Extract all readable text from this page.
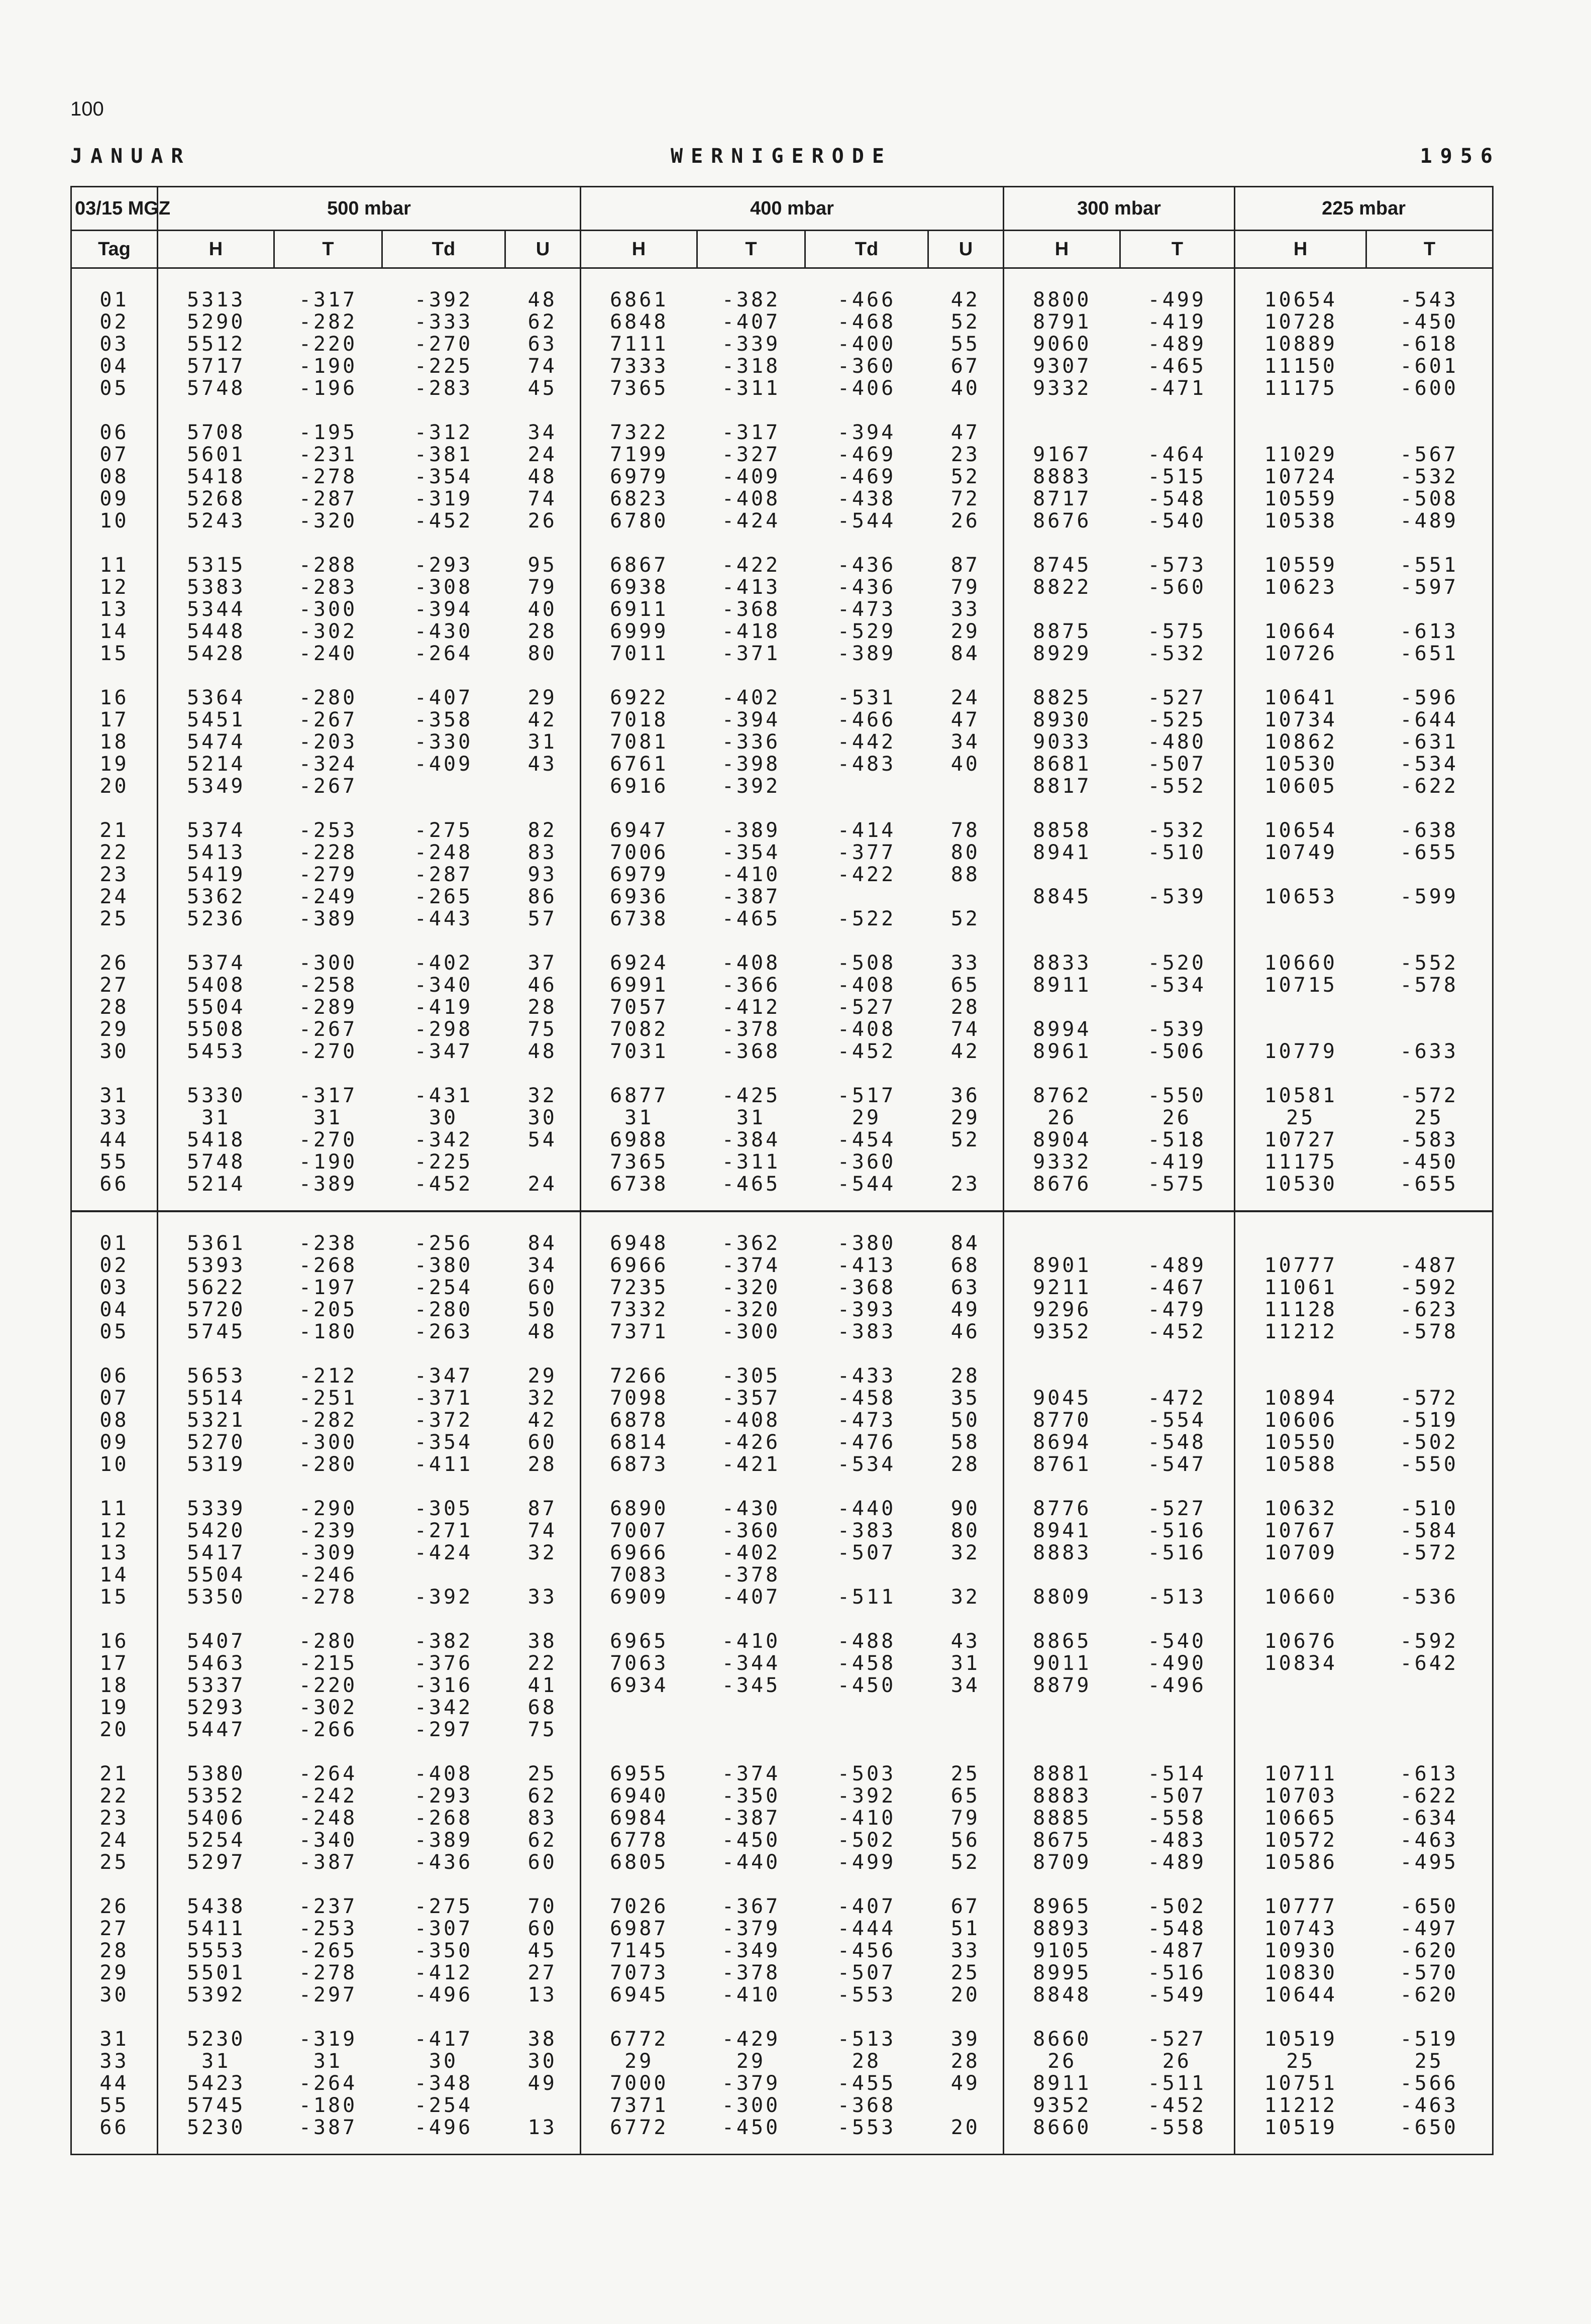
100
JANUAR	WERNIGERODE	1956
03/15 MGZ	500 mbar				400 mbar				300 mbar		225 mbar	
Tag	H	T	Td	U	H	T	Td	U	H	T	H	T

01	5313	-317	-392	48	6861	-382	-466	42	8800	-499	10654	-543
02	5290	-282	-333	62	6848	-407	-468	52	8791	-419	10728	-450
03	5512	-220	-270	63	7111	-339	-400	55	9060	-489	10889	-618
04	5717	-190	-225	74	7333	-318	-360	67	9307	-465	11150	-601
05	5748	-196	-283	45	7365	-311	-406	40	9332	-471	11175	-600

06	5708	-195	-312	34	7322	-317	-394	47				
07	5601	-231	-381	24	7199	-327	-469	23	9167	-464	11029	-567
08	5418	-278	-354	48	6979	-409	-469	52	8883	-515	10724	-532
09	5268	-287	-319	74	6823	-408	-438	72	8717	-548	10559	-508
10	5243	-320	-452	26	6780	-424	-544	26	8676	-540	10538	-489

11	5315	-288	-293	95	6867	-422	-436	87	8745	-573	10559	-551
12	5383	-283	-308	79	6938	-413	-436	79	8822	-560	10623	-597
13	5344	-300	-394	40	6911	-368	-473	33				
14	5448	-302	-430	28	6999	-418	-529	29	8875	-575	10664	-613
15	5428	-240	-264	80	7011	-371	-389	84	8929	-532	10726	-651

16	5364	-280	-407	29	6922	-402	-531	24	8825	-527	10641	-596
17	5451	-267	-358	42	7018	-394	-466	47	8930	-525	10734	-644
18	5474	-203	-330	31	7081	-336	-442	34	9033	-480	10862	-631
19	5214	-324	-409	43	6761	-398	-483	40	8681	-507	10530	-534
20	5349	-267			6916	-392			8817	-552	10605	-622

21	5374	-253	-275	82	6947	-389	-414	78	8858	-532	10654	-638
22	5413	-228	-248	83	7006	-354	-377	80	8941	-510	10749	-655
23	5419	-279	-287	93	6979	-410	-422	88				
24	5362	-249	-265	86	6936	-387			8845	-539	10653	-599
25	5236	-389	-443	57	6738	-465	-522	52				

26	5374	-300	-402	37	6924	-408	-508	33	8833	-520	10660	-552
27	5408	-258	-340	46	6991	-366	-408	65	8911	-534	10715	-578
28	5504	-289	-419	28	7057	-412	-527	28				
29	5508	-267	-298	75	7082	-378	-408	74	8994	-539		
30	5453	-270	-347	48	7031	-368	-452	42	8961	-506	10779	-633

31	5330	-317	-431	32	6877	-425	-517	36	8762	-550	10581	-572
33	31	31	30	30	31	31	29	29	26	26	25	25
44	5418	-270	-342	54	6988	-384	-454	52	8904	-518	10727	-583
55	5748	-190	-225		7365	-311	-360		9332	-419	11175	-450
66	5214	-389	-452	24	6738	-465	-544	23	8676	-575	10530	-655

01	5361	-238	-256	84	6948	-362	-380	84				
02	5393	-268	-380	34	6966	-374	-413	68	8901	-489	10777	-487
03	5622	-197	-254	60	7235	-320	-368	63	9211	-467	11061	-592
04	5720	-205	-280	50	7332	-320	-393	49	9296	-479	11128	-623
05	5745	-180	-263	48	7371	-300	-383	46	9352	-452	11212	-578

06	5653	-212	-347	29	7266	-305	-433	28				
07	5514	-251	-371	32	7098	-357	-458	35	9045	-472	10894	-572
08	5321	-282	-372	42	6878	-408	-473	50	8770	-554	10606	-519
09	5270	-300	-354	60	6814	-426	-476	58	8694	-548	10550	-502
10	5319	-280	-411	28	6873	-421	-534	28	8761	-547	10588	-550

11	5339	-290	-305	87	6890	-430	-440	90	8776	-527	10632	-510
12	5420	-239	-271	74	7007	-360	-383	80	8941	-516	10767	-584
13	5417	-309	-424	32	6966	-402	-507	32	8883	-516	10709	-572
14	5504	-246			7083	-378						
15	5350	-278	-392	33	6909	-407	-511	32	8809	-513	10660	-536

16	5407	-280	-382	38	6965	-410	-488	43	8865	-540	10676	-592
17	5463	-215	-376	22	7063	-344	-458	31	9011	-490	10834	-642
18	5337	-220	-316	41	6934	-345	-450	34	8879	-496		
19	5293	-302	-342	68								
20	5447	-266	-297	75								

21	5380	-264	-408	25	6955	-374	-503	25	8881	-514	10711	-613
22	5352	-242	-293	62	6940	-350	-392	65	8883	-507	10703	-622
23	5406	-248	-268	83	6984	-387	-410	79	8885	-558	10665	-634
24	5254	-340	-389	62	6778	-450	-502	56	8675	-483	10572	-463
25	5297	-387	-436	60	6805	-440	-499	52	8709	-489	10586	-495

26	5438	-237	-275	70	7026	-367	-407	67	8965	-502	10777	-650
27	5411	-253	-307	60	6987	-379	-444	51	8893	-548	10743	-497
28	5553	-265	-350	45	7145	-349	-456	33	9105	-487	10930	-620
29	5501	-278	-412	27	7073	-378	-507	25	8995	-516	10830	-570
30	5392	-297	-496	13	6945	-410	-553	20	8848	-549	10644	-620

31	5230	-319	-417	38	6772	-429	-513	39	8660	-527	10519	-519
33	31	31	30	30	29	29	28	28	26	26	25	25
44	5423	-264	-348	49	7000	-379	-455	49	8911	-511	10751	-566
55	5745	-180	-254		7371	-300	-368		9352	-452	11212	-463
66	5230	-387	-496	13	6772	-450	-553	20	8660	-558	10519	-650
